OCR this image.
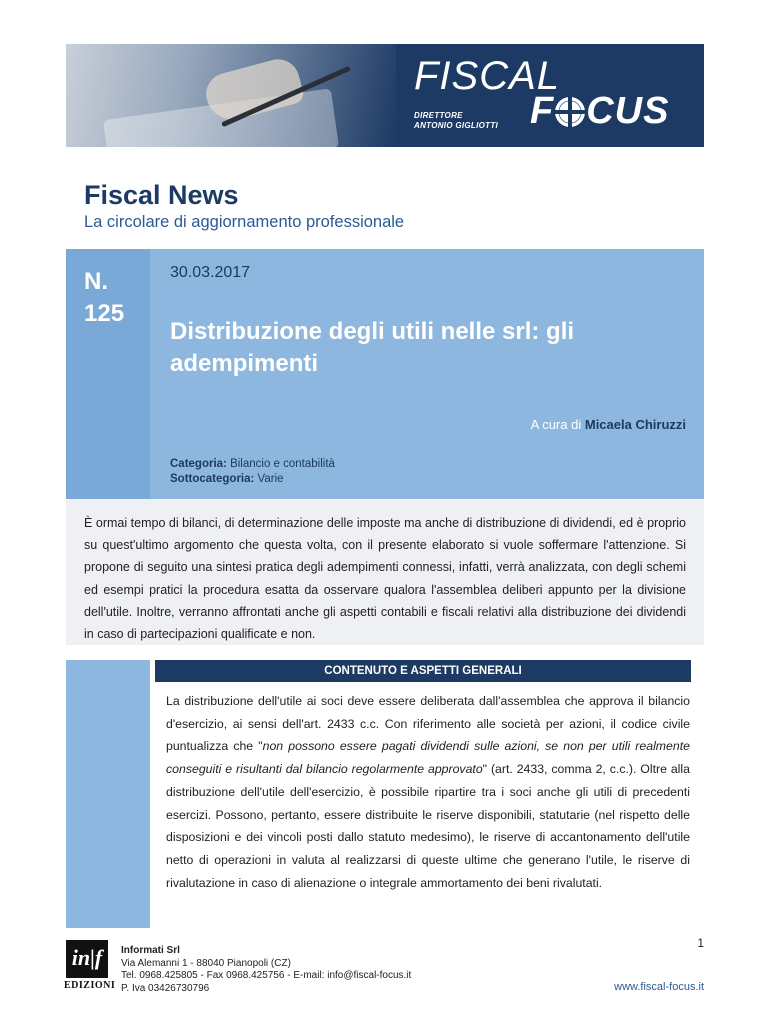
FISCAL
F CUS
DIRETTORE
ANTONIO GIGLIOTTI
Fiscal News
La circolare di aggiornamento professionale
N.
125
30.03.2017
Distribuzione degli utili nelle srl: gli adempimenti
A cura di Micaela Chiruzzi
Categoria: Bilancio e contabilità
Sottocategoria: Varie

È ormai tempo di bilanci, di determinazione delle imposte ma anche di distribuzione di dividendi, ed è proprio su quest'ultimo argomento che questa volta, con il presente elaborato si vuole soffermare l'attenzione. Si propone di seguito una sintesi pratica degli adempimenti connessi, infatti, verrà analizzata, con degli schemi ed esempi pratici la procedura esatta da osservare qualora l'assemblea deliberi appunto per la divisione dell'utile. Inoltre, verranno affrontati anche gli aspetti contabili e fiscali relativi alla distribuzione dei dividendi in caso di partecipazioni qualificate e non.

CONTENUTO E ASPETTI GENERALI

La distribuzione dell'utile ai soci deve essere deliberata dall'assemblea che approva il bilancio d'esercizio, ai sensi dell'art. 2433 c.c. Con riferimento alle società per azioni, il codice civile puntualizza che "non possono essere pagati dividendi sulle azioni, se non per utili realmente conseguiti e risultanti dal bilancio regolarmente approvato" (art. 2433, comma 2, c.c.). Oltre alla distribuzione dell'utile dell'esercizio, è possibile ripartire tra i soci anche gli utili di precedenti esercizi. Possono, pertanto, essere distribuite le riserve disponibili, statutarie (nel rispetto delle disposizioni e dei vincoli posti dallo statuto medesimo), le riserve di accantonamento dell'utile netto di operazioni in valuta al realizzarsi di queste ultime che generano l'utile, le riserve di rivalutazione in caso di alienazione o integrale ammortamento dei beni rivalutati.

1
in|f
EDIZIONI
Informati Srl
Via Alemanni 1 - 88040 Pianopoli (CZ)
Tel. 0968.425805 - Fax 0968.425756 - E-mail: info@fiscal-focus.it
P. Iva 03426730796	www.fiscal-focus.it
